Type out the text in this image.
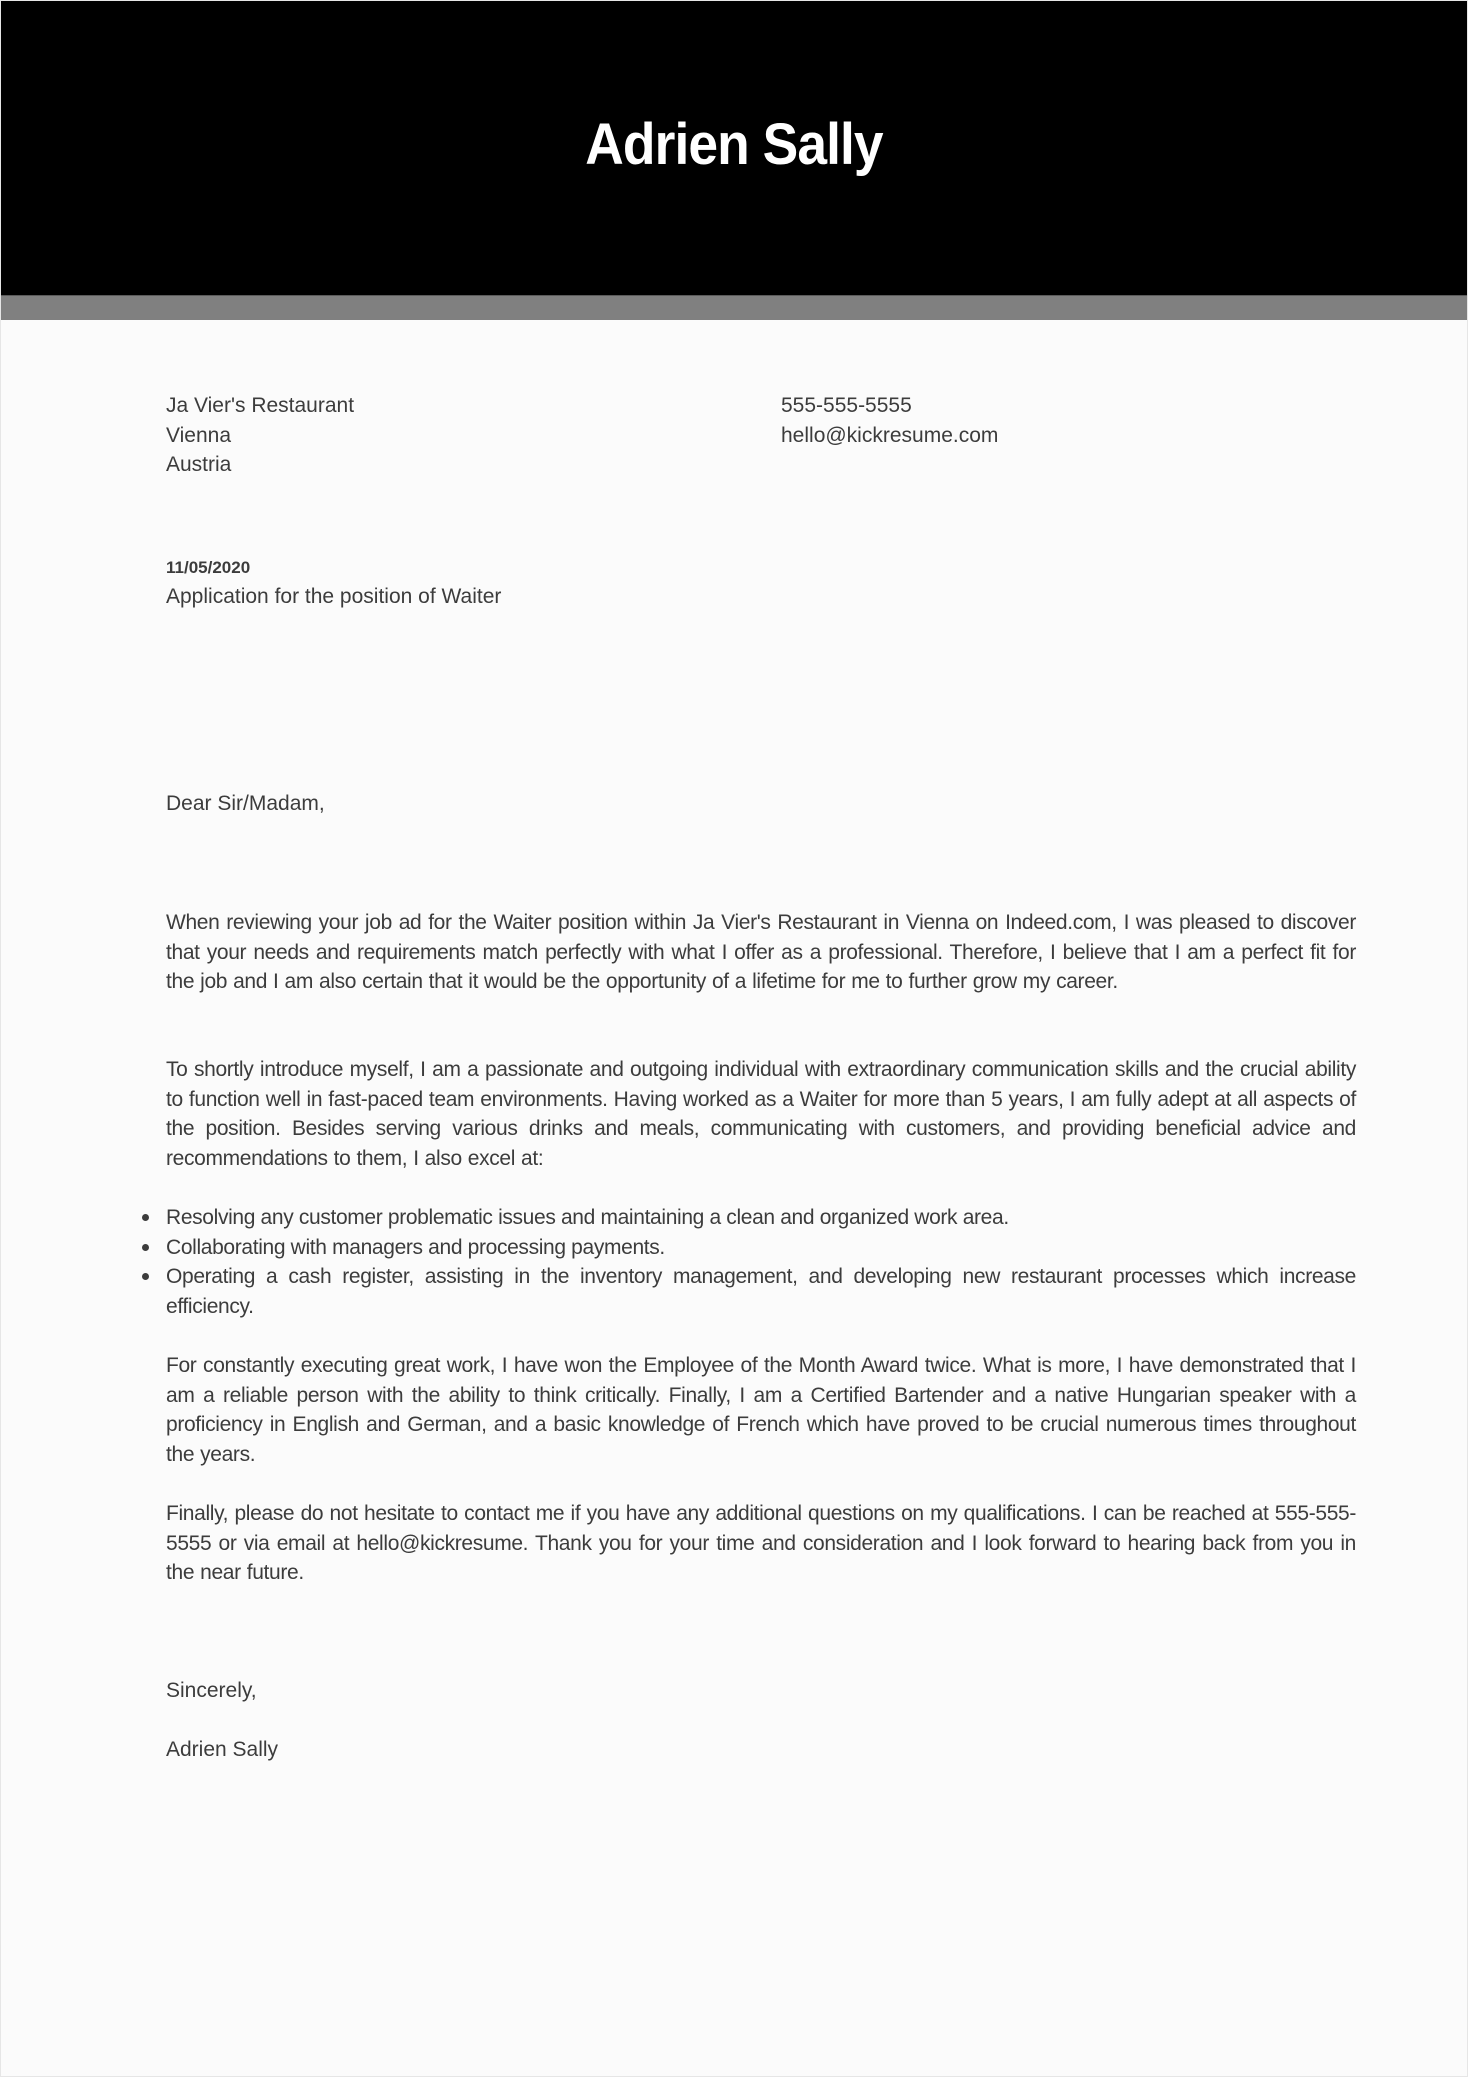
Adrien Sally
Ja Vier's Restaurant
Vienna
Austria
555-555-5555
hello@kickresume.com
11/05/2020
Application for the position of Waiter
Dear Sir/Madam,
When reviewing your job ad for the Waiter position within Ja Vier's Restaurant in Vienna on Indeed.com, I was pleased to discover that your needs and requirements match perfectly with what I offer as a professional. Therefore, I believe that I am a perfect fit for the job and I am also certain that it would be the opportunity of a lifetime for me to further grow my career.
To shortly introduce myself, I am a passionate and outgoing individual with extraordinary communication skills and the crucial ability to function well in fast-paced team environments. Having worked as a Waiter for more than 5 years, I am fully adept at all aspects of the position. Besides serving various drinks and meals, communicating with customers, and providing beneficial advice and recommendations to them, I also excel at:
Resolving any customer problematic issues and maintaining a clean and organized work area.
Collaborating with managers and processing payments.
Operating a cash register, assisting in the inventory management, and developing new restaurant processes which increase efficiency.
For constantly executing great work, I have won the Employee of the Month Award twice. What is more, I have demonstrated that I am a reliable person with the ability to think critically. Finally, I am a Certified Bartender and a native Hungarian speaker with a proficiency in English and German, and a basic knowledge of French which have proved to be crucial numerous times throughout the years.
Finally, please do not hesitate to contact me if you have any additional questions on my qualifications. I can be reached at 555-555-5555 or via email at hello@kickresume. Thank you for your time and consideration and I look forward to hearing back from you in the near future.
Sincerely,
Adrien Sally
